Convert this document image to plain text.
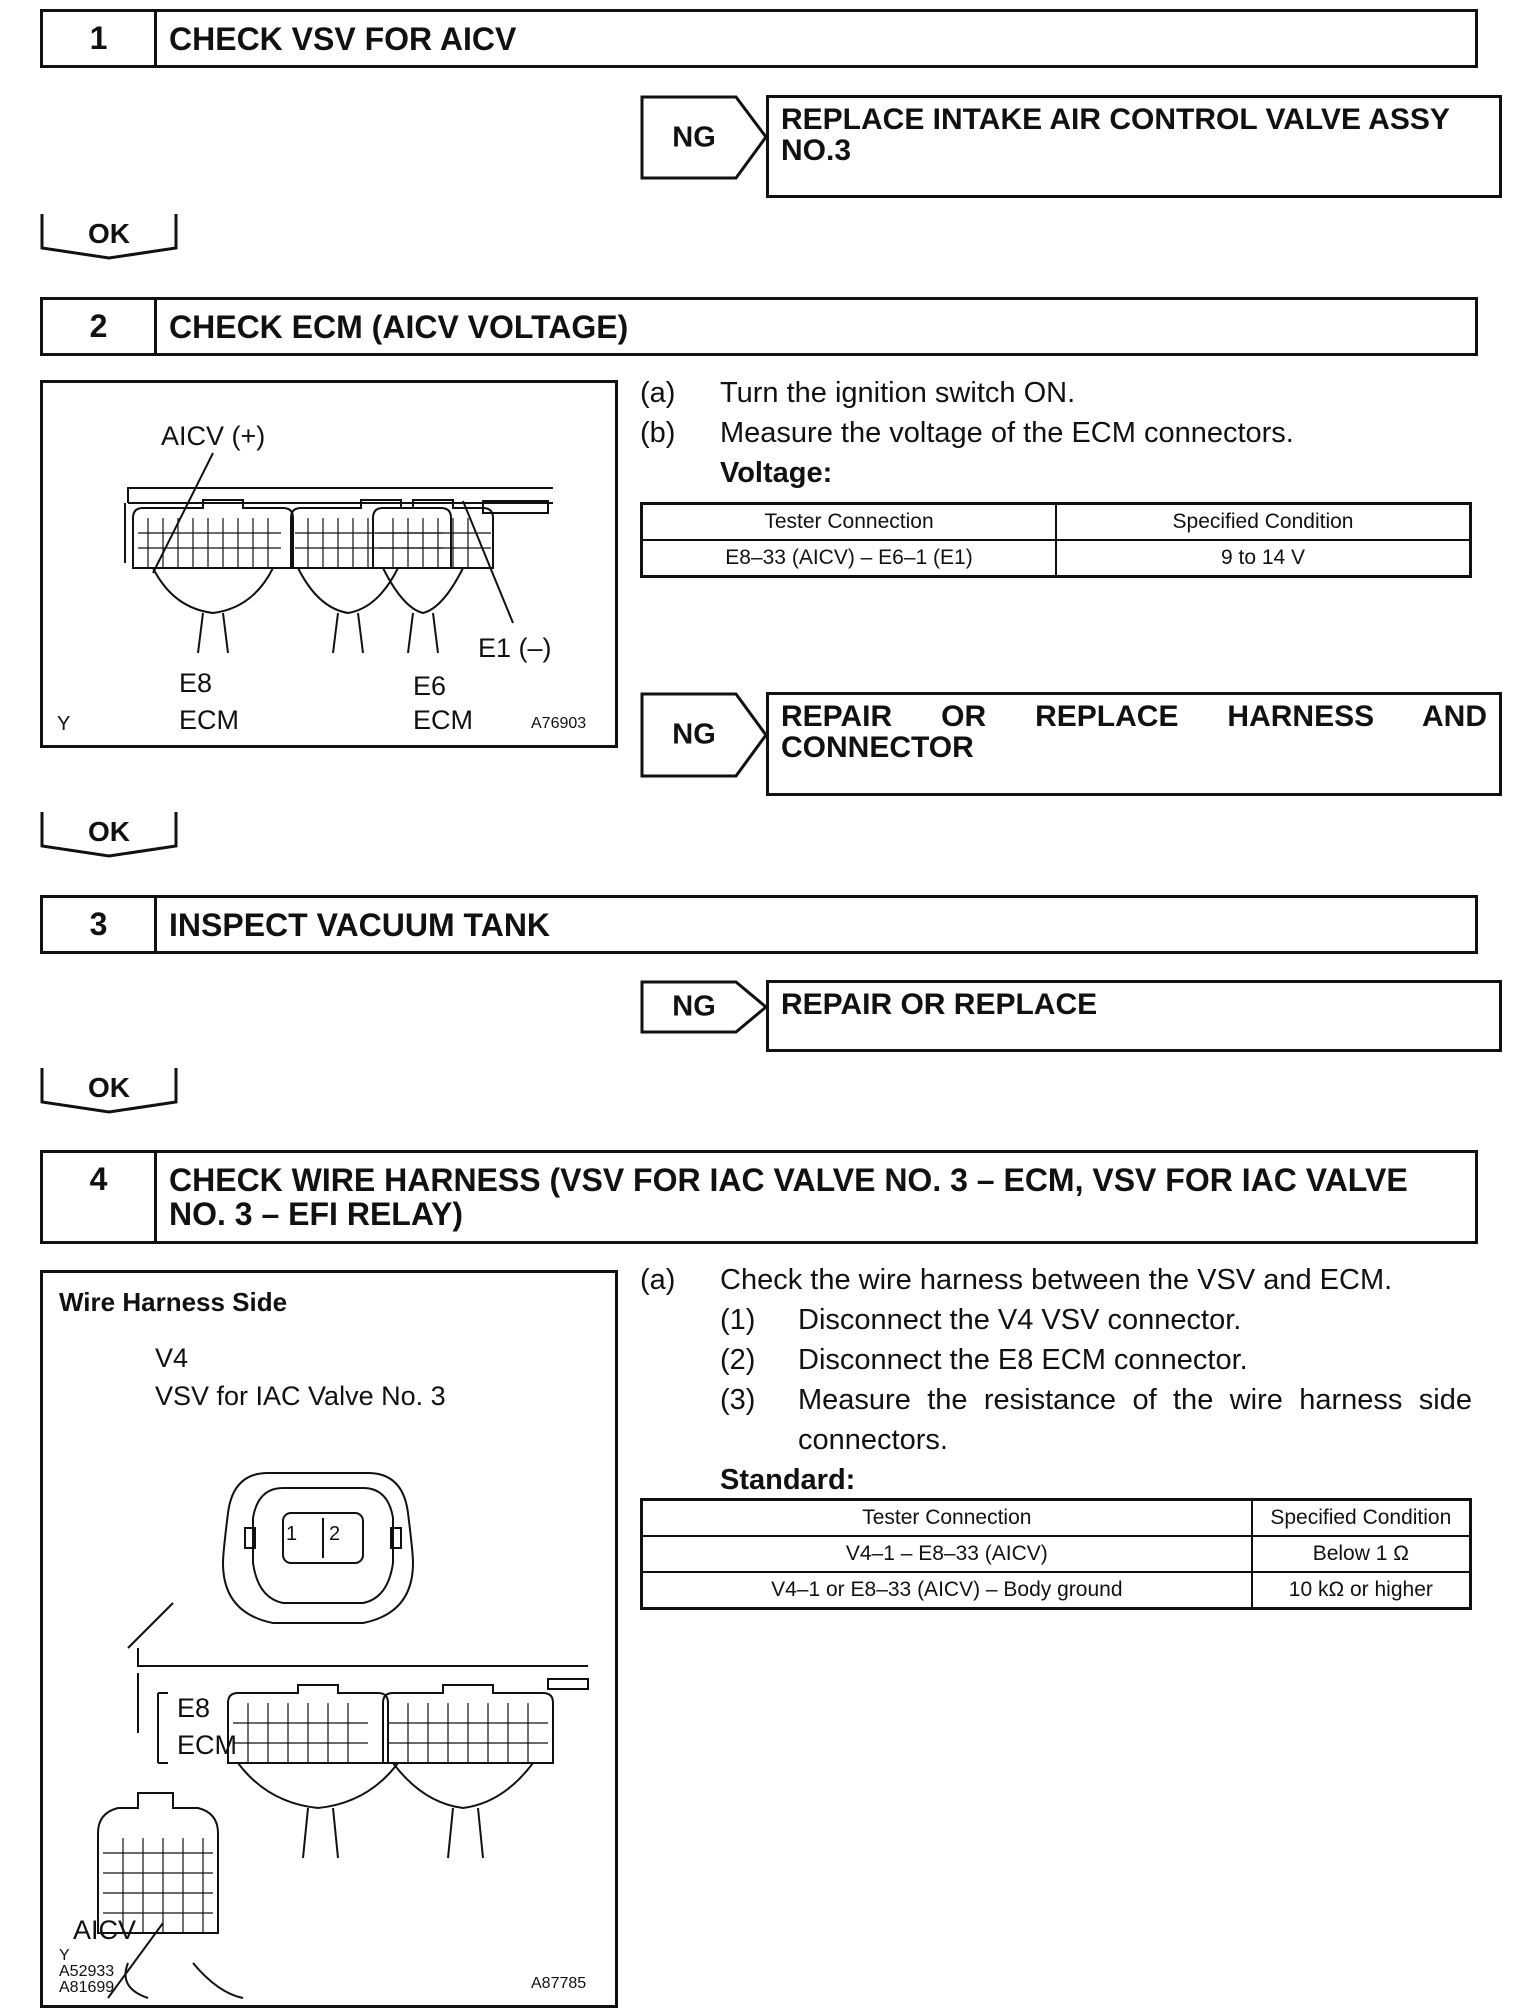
1	CHECK VSV FOR AICV
NG
REPLACE INTAKE AIR CONTROL VALVE ASSY NO.3
OK
2	CHECK ECM (AICV VOLTAGE)
AICV (+)
E1 (–)
E8
ECM
E6
ECM
Y	A76903
(a)	Turn the ignition switch ON.
(b)	Measure the voltage of the ECM connectors.
Voltage:
Tester Connection	Specified Condition
E8–33 (AICV) – E6–1 (E1)	9 to 14 V
NG
REPAIR OR REPLACE HARNESS AND
CONNECTOR
OK
3	INSPECT VACUUM TANK
NG	REPAIR OR REPLACE
OK
4	CHECK WIRE HARNESS (VSV FOR IAC VALVE NO. 3 – ECM, VSV FOR IAC VALVE NO. 3 – EFI RELAY)
Wire Harness Side
V4
VSV for IAC Valve No. 3
1 2
E8
ECM
AICV
Y
A52933
A81699	A87785
(a)	Check the wire harness between the VSV and ECM.
(1)	Disconnect the V4 VSV connector.
(2)	Disconnect the E8 ECM connector.
(3)	Measure the resistance of the wire harness side connectors.
Standard:
Tester Connection	Specified Condition
V4–1 – E8–33 (AICV)	Below 1 Ω
V4–1 or E8–33 (AICV) – Body ground	10 kΩ or higher
